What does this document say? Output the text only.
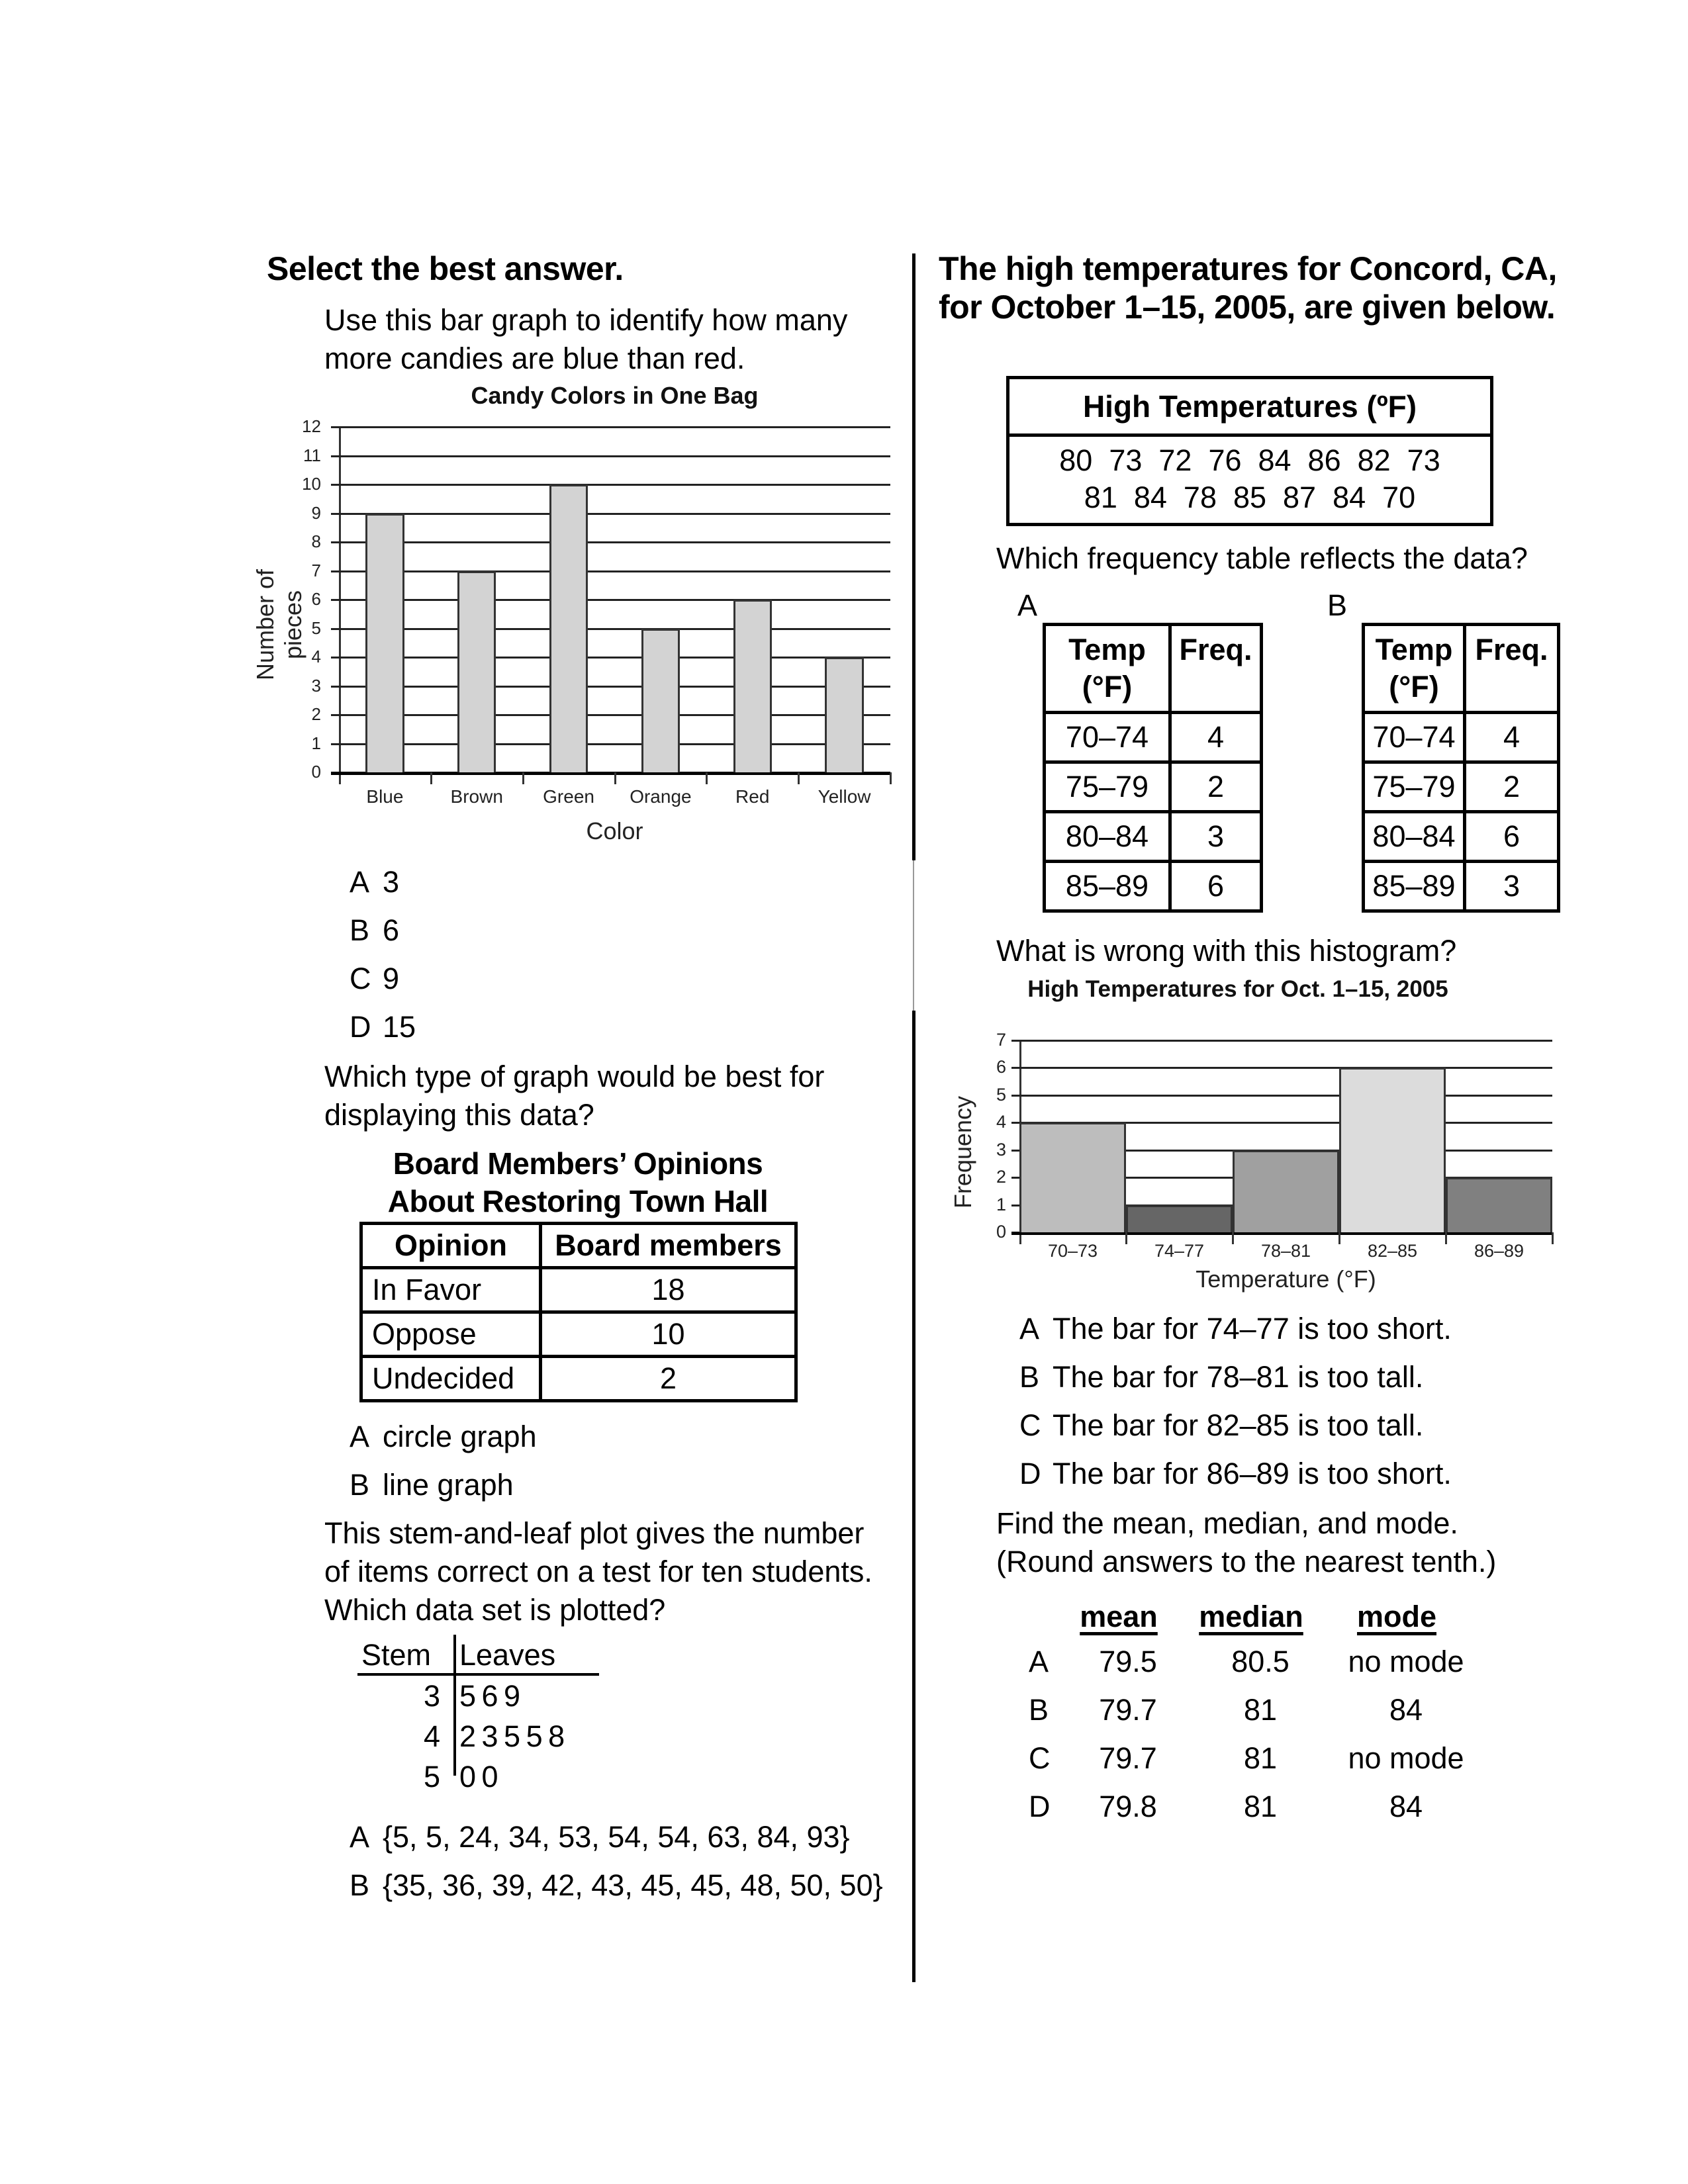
Select the best answer.
Use this bar graph to identify how many
more candies are blue than red.
Candy Colors in One Bag
Number of pieces
0
1
2
3
4
5
6
7
8
9
10
11
12
Blue	Brown	Green	Orange	Red	Yellow
Color
A 3
B 6
C 9
D 15
Which type of graph would be best for
displaying this data?
Board Members’ Opinions
About Restoring Town Hall
Opinion	Board members
In Favor	18
Oppose	10
Undecided	2
A circle graph
B line graph
This stem-and-leaf plot gives the number
of items correct on a test for ten students.
Which data set is plotted?
Stem Leaves
3 5 6 9
4 2 3 5 5 8
5 0 0
A {5, 5, 24, 34, 53, 54, 54, 63, 84, 93}
B {35, 36, 39, 42, 43, 45, 45, 48, 50, 50}
The high temperatures for Concord, CA,
for October 1–15, 2005, are given below.
High Temperatures (ºF)

80  73  72  76  84  86  82  73
81  84  78  85  87  84  70
Which frequency table reflects the data?
A
Temp
(°F)	Freq.
70–74	4
75–79	2
80–84	3
85–89	6
B
Temp
(°F)	Freq.
70–74	4
75–79	2
80–84	6
85–89	3
What is wrong with this histogram?
High Temperatures for Oct. 1–15, 2005
Frequency
0
1
2
3
4
5
6
7
70–73	74–77	78–81	82–85	86–89
Temperature (°F)
A The bar for 74–77 is too short.
B The bar for 78–81 is too tall.
C The bar for 82–85 is too tall.
D The bar for 86–89 is too short.
Find the mean, median, and mode.
(Round answers to the nearest tenth.)
mean	median	mode
A	79.5	80.5	no mode
B	79.7	81	84
C	79.7	81	no mode
D	79.8	81	84
